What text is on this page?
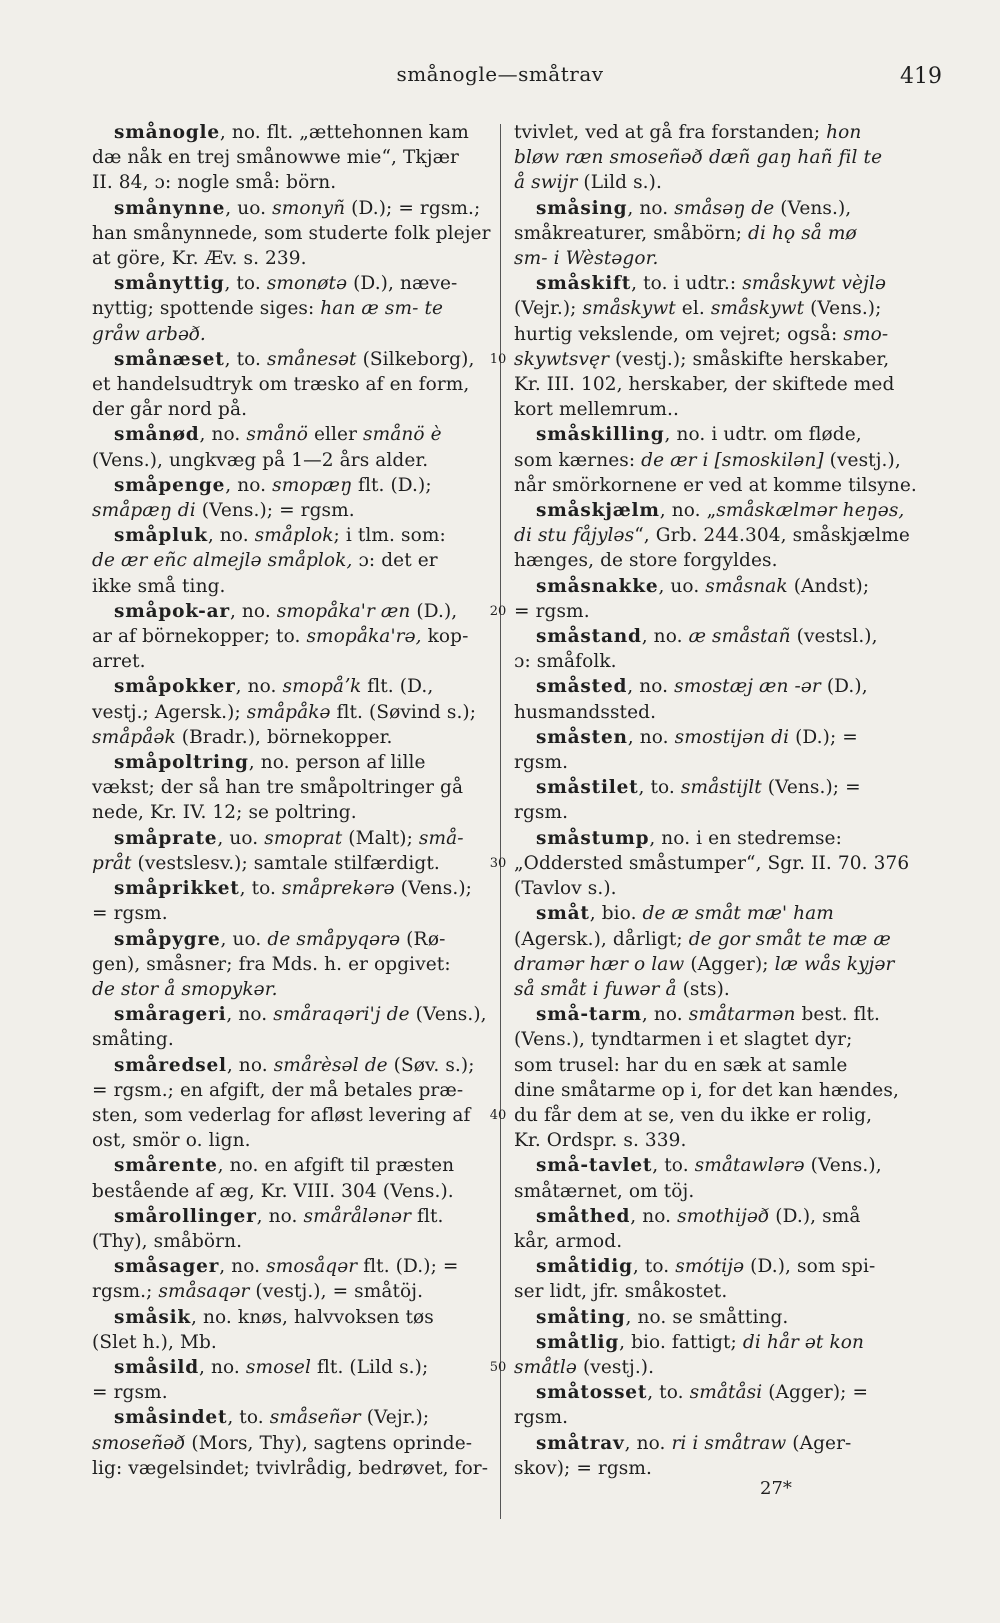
smånogle—småtrav	419
smånogle, no. flt. „ættehonnen kam
dæ nåk en trej smånowwe mie“, Tkjær
II. 84, ɔ: nogle små: börn.
smånynne, uo. smonyñ (D.); = rgsm.;
han smånynnede, som studerte folk plejer
at göre, Kr. Æv. s. 239.
smånyttig, to. smonøtə (D.), næve-
nyttig; spottende siges: han æ sm- te
gråw arbəð.
smånæset, to. smånesət (Silkeborg),
et handelsudtryk om træsko af en form,
der går nord på.
smånød, no. smånö eller smånö è
(Vens.), ungkvæg på 1—2 års alder.
småpenge, no. smopæŋ flt. (D.);
småpæŋ di (Vens.); = rgsm.
småpluk, no. småplok; i tlm. som:
de ær eñc almejlə småplok, ɔ: det er
ikke små ting.
småpok-ar, no. smopåka'r æn (D.),
ar af börnekopper; to. smopåka'rə, kop-
arret.
småpokker, no. smopåʼk flt. (D.,
vestj.; Agersk.); småpåkə flt. (Søvind s.);
småpåək (Bradr.), börnekopper.
småpoltring, no. person af lille
vækst; der så han tre småpoltringer gå
nede, Kr. IV. 12; se poltring.
småprate, uo. smoprat (Malt); små-
pråt (vestslesv.); samtale stilfærdigt.
småprikket, to. småprekərə (Vens.);
= rgsm.
småpygre, uo. de småpyqərə (Rø-
gen), småsner; fra Mds. h. er opgivet:
de stor å smopykər.
smårageri, no. småraqəri'j de (Vens.),
småting.
småredsel, no. smårèsəl de (Søv. s.);
= rgsm.; en afgift, der må betales præ-
sten, som vederlag for afløst levering af
ost, smör o. lign.
smårente, no. en afgift til præsten
bestående af æg, Kr. VIII. 304 (Vens.).
smårollinger, no. smårålənər flt.
(Thy), småbörn.
småsager, no. smosåqər flt. (D.); =
rgsm.; småsaqər (vestj.), = småtöj.
småsik, no. knøs, halvvoksen tøs
(Slet h.), Mb.
småsild, no. smosel flt. (Lild s.);
= rgsm.
småsindet, to. småseñər (Vejr.);
smoseñəð (Mors, Thy), sagtens oprinde-
lig: vægelsindet; tvivlrådig, bedrøvet, for-
tvivlet, ved at gå fra forstanden; hon
bløw ræn smoseñəð dæñ gaŋ hañ fil te
å swijr (Lild s.).
småsing, no. småsəŋ de (Vens.),
småkreaturer, småbörn; di hǫ så mø
sm- i Wèstəgor.
småskift, to. i udtr.: småskywt vèjlə
(Vejr.); småskywt el. småskywt (Vens.);
hurtig vekslende, om vejret; også: smo-
skywtsvęr (vestj.); småskifte herskaber,
Kr. III. 102, herskaber, der skiftede med
kort mellemrum..
småskilling, no. i udtr. om fløde,
som kærnes: de ær i [smoskilən] (vestj.),
når smörkornene er ved at komme tilsyne.
småskjælm, no. „småskælmər heŋəs,
di stu fåjyləs“, Grb. 244.304, småskjælme
hænges, de store forgyldes.
småsnakke, uo. småsnak (Andst);
= rgsm.
småstand, no. æ småstañ (vestsl.),
ɔ: småfolk.
småsted, no. smostæj æn -ər (D.),
husmandssted.
småsten, no. smostijən di (D.); =
rgsm.
småstilet, to. småstijlt (Vens.); =
rgsm.
småstump, no. i en stedremse:
„Oddersted småstumper“, Sgr. II. 70. 376
(Tavlov s.).
småt, bio. de æ småt mæ' ham
(Agersk.), dårligt; de gor småt te mæ æ
dramər hær o law (Agger); læ wås kyjər
så småt i fuwər å (sts).
små-tarm, no. småtarmən best. flt.
(Vens.), tyndtarmen i et slagtet dyr;
som trusel: har du en sæk at samle
dine småtarme op i, for det kan hændes,
du får dem at se, ven du ikke er rolig,
Kr. Ordspr. s. 339.
små-tavlet, to. småtawlərə (Vens.),
småtærnet, om töj.
småthed, no. smothijəð (D.), små
kår, armod.
småtidig, to. smótijə (D.), som spi-
ser lidt, jfr. småkostet.
småting, no. se småtting.
småtlig, bio. fattigt; di hår ət kon
småtlə (vestj.).
småtosset, to. småtåsi (Agger); =
rgsm.
småtrav, no. ri i småtraw (Ager-
skov); = rgsm.
10
20
30
40
50
27*
